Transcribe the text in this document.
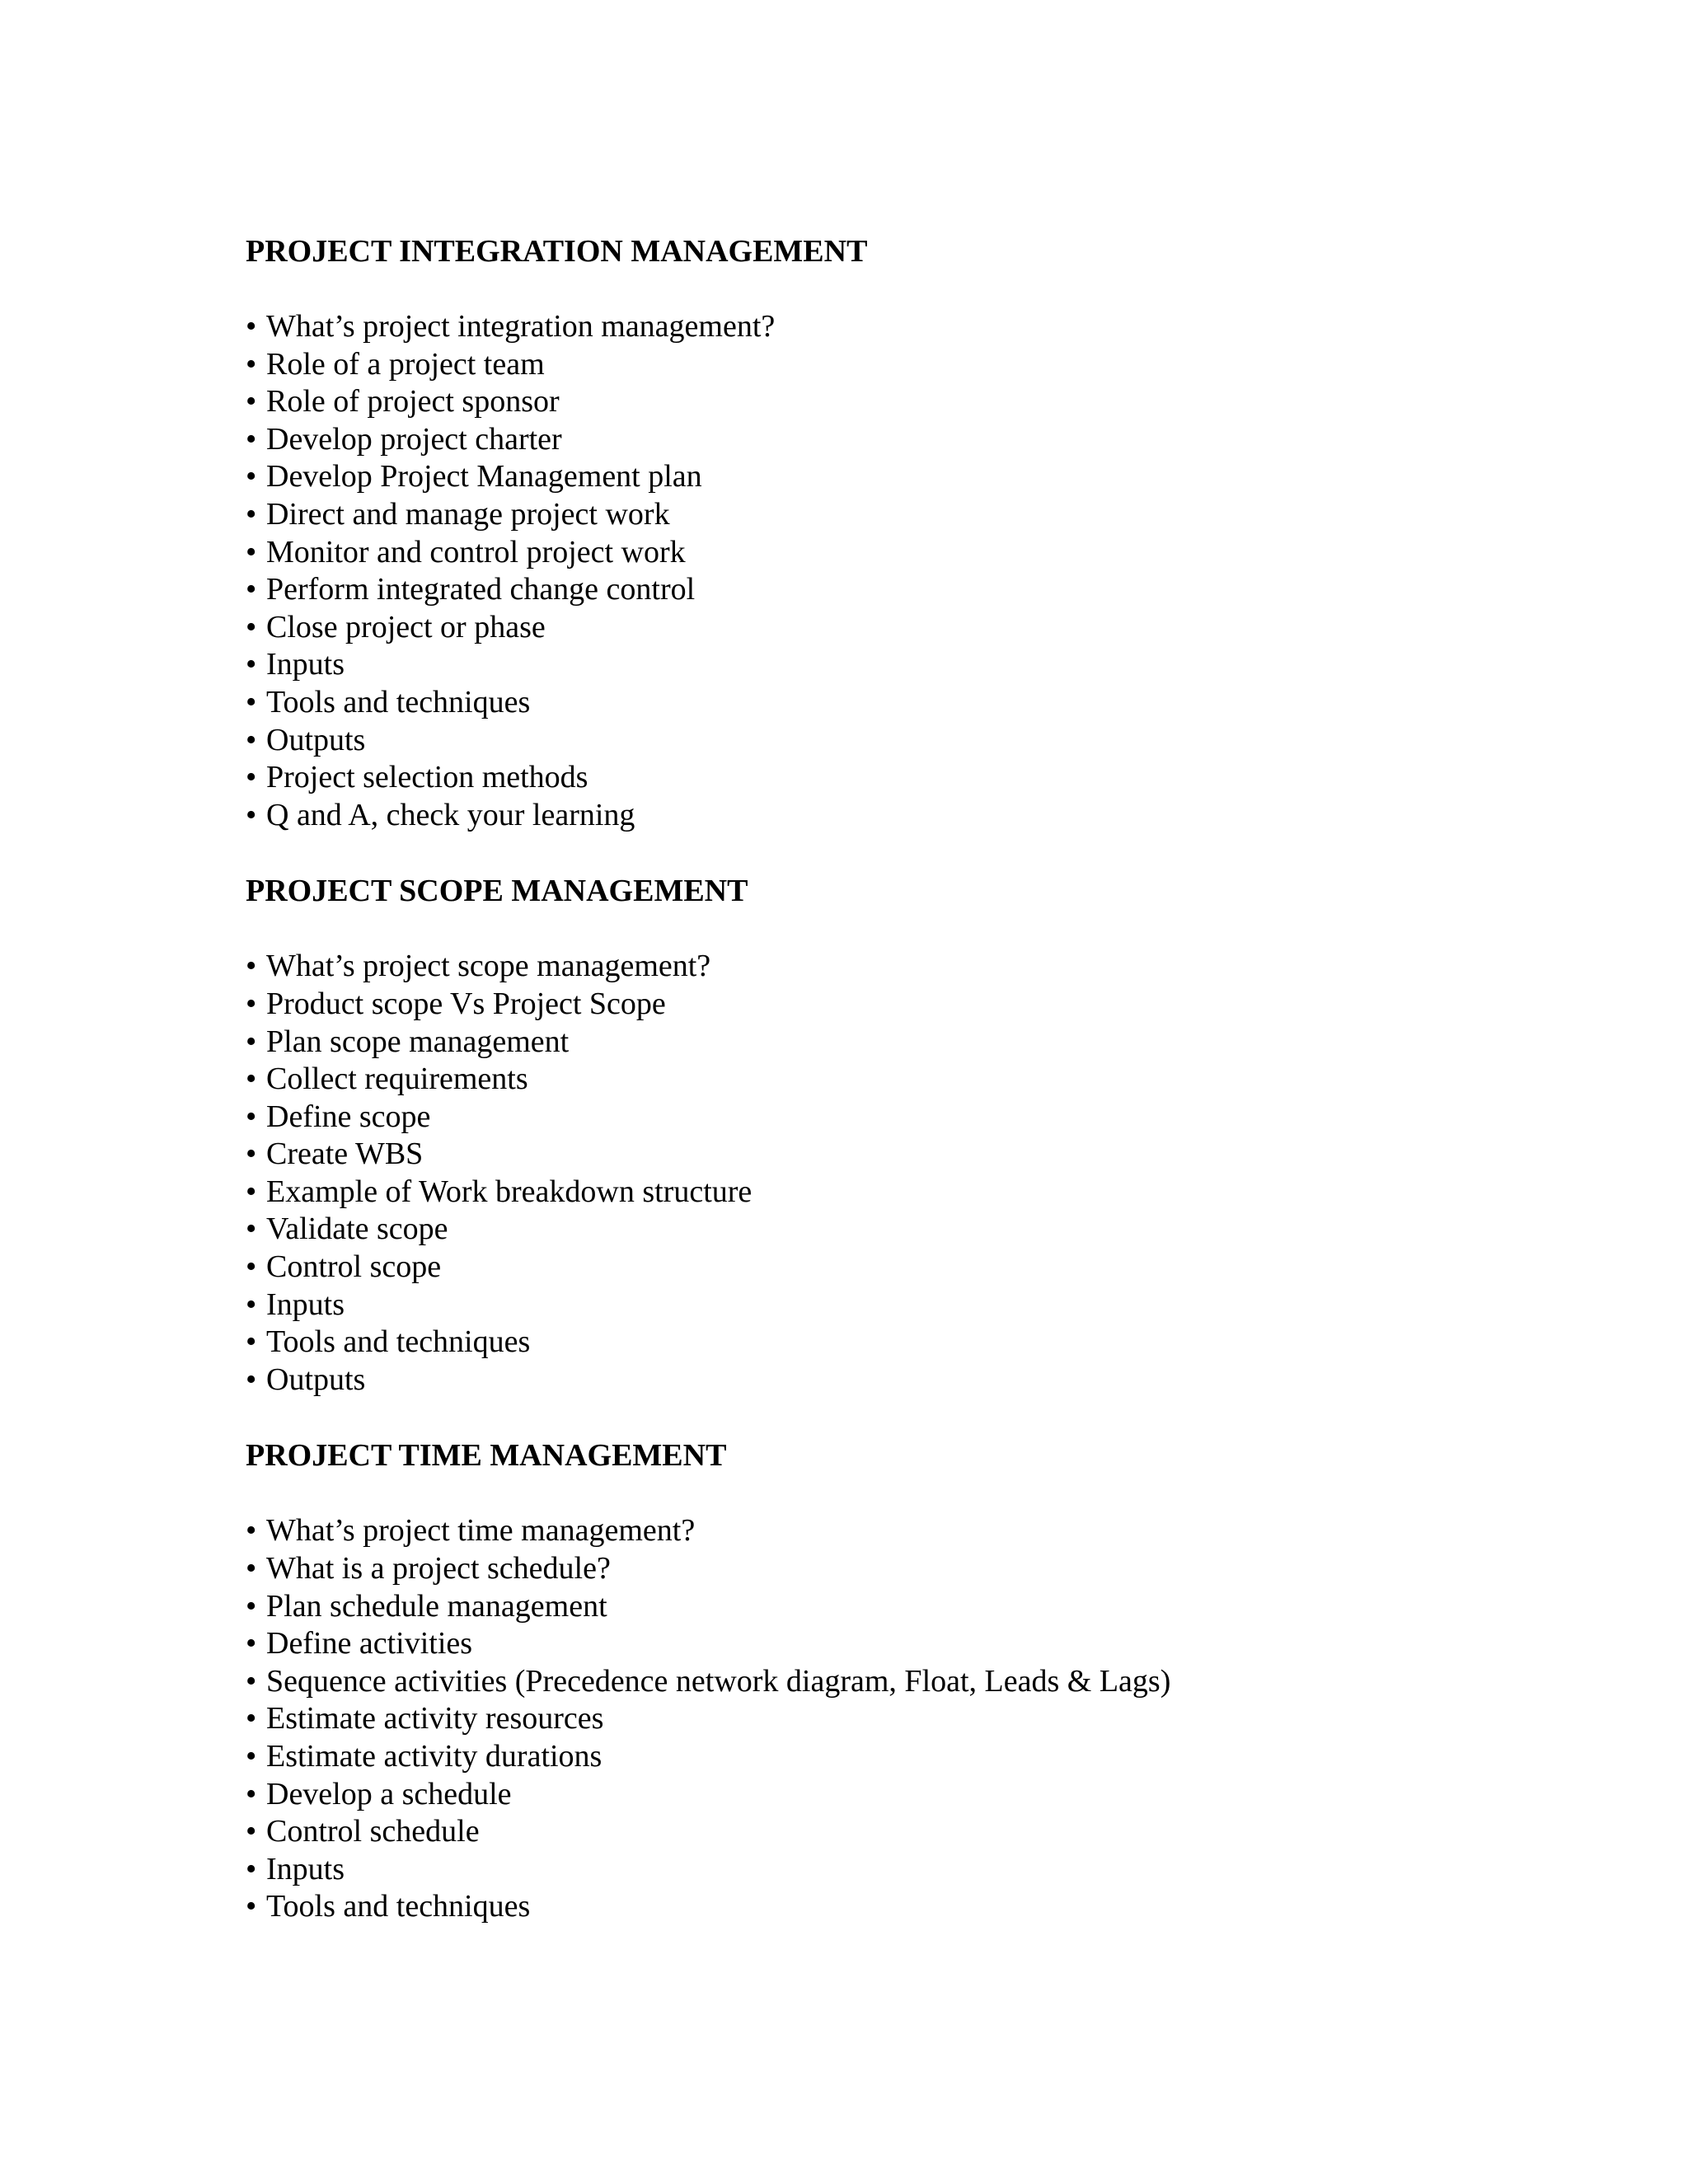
PROJECT INTEGRATION MANAGEMENT
• What’s project integration management?
• Role of a project team
• Role of project sponsor
• Develop project charter
• Develop Project Management plan
• Direct and manage project work
• Monitor and control project work
• Perform integrated change control
• Close project or phase
• Inputs
• Tools and techniques
• Outputs
• Project selection methods
• Q and A, check your learning
PROJECT SCOPE MANAGEMENT
• What’s project scope management?
• Product scope Vs Project Scope
• Plan scope management
• Collect requirements
• Define scope
• Create WBS
• Example of Work breakdown structure
• Validate scope
• Control scope
• Inputs
• Tools and techniques
• Outputs
PROJECT TIME MANAGEMENT
• What’s project time management?
• What is a project schedule?
• Plan schedule management
• Define activities
• Sequence activities (Precedence network diagram, Float, Leads & Lags)
• Estimate activity resources
• Estimate activity durations
• Develop a schedule
• Control schedule
• Inputs
• Tools and techniques
